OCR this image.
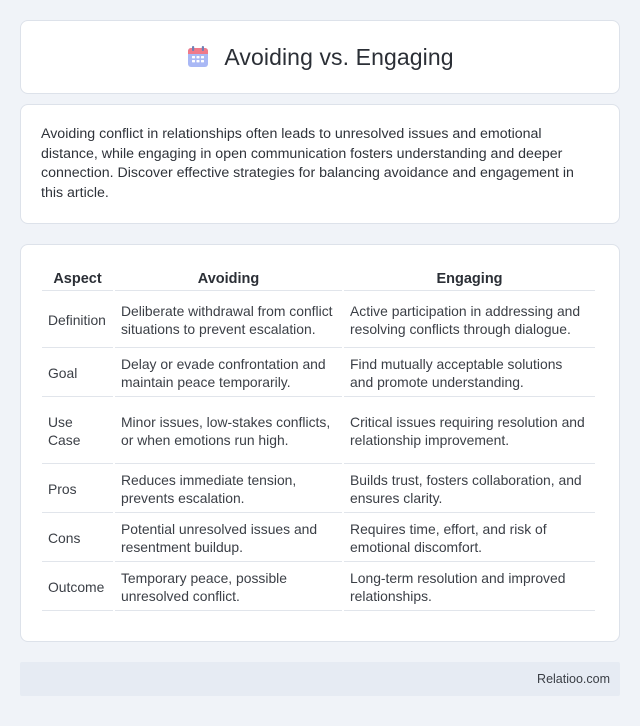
Avoiding vs. Engaging

Avoiding conflict in relationships often leads to unresolved issues and emotional distance, while engaging in open communication fosters understanding and deeper connection. Discover effective strategies for balancing avoidance and engagement in this article.

Aspect	Avoiding	Engaging
Definition	Deliberate withdrawal from conflict situations to prevent escalation.	Active participation in addressing and resolving conflicts through dialogue.
Goal	Delay or evade confrontation and maintain peace temporarily.	Find mutually acceptable solutions and promote understanding.
Use Case	Minor issues, low-stakes conflicts, or when emotions run high.	Critical issues requiring resolution and relationship improvement.
Pros	Reduces immediate tension, prevents escalation.	Builds trust, fosters collaboration, and ensures clarity.
Cons	Potential unresolved issues and resentment buildup.	Requires time, effort, and risk of emotional discomfort.
Outcome	Temporary peace, possible unresolved conflict.	Long-term resolution and improved relationships.
Relatioo.com
